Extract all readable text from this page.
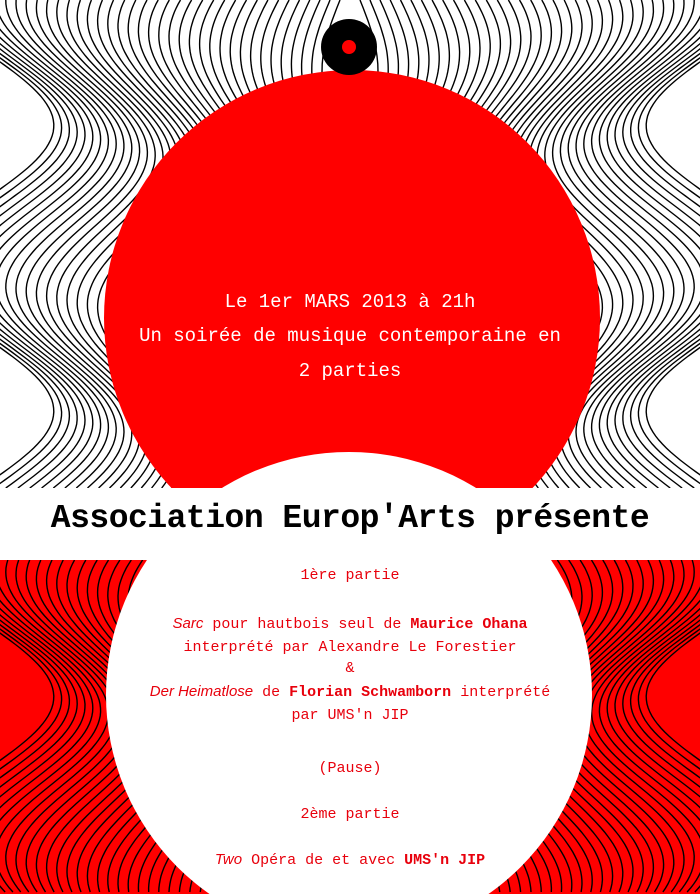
Le 1er MARS 2013 à 21h
Un soirée de musique contemporaine en
2 parties
Association Europ'Arts présente
1ère partie
Sarc pour hautbois seul de Maurice Ohana
interprété par Alexandre Le Forestier
&
Der Heimatlose de Florian Schwamborn interprété
par UMS'n JIP
(Pause)
2ème partie
Two Opéra de et avec UMS'n JIP
